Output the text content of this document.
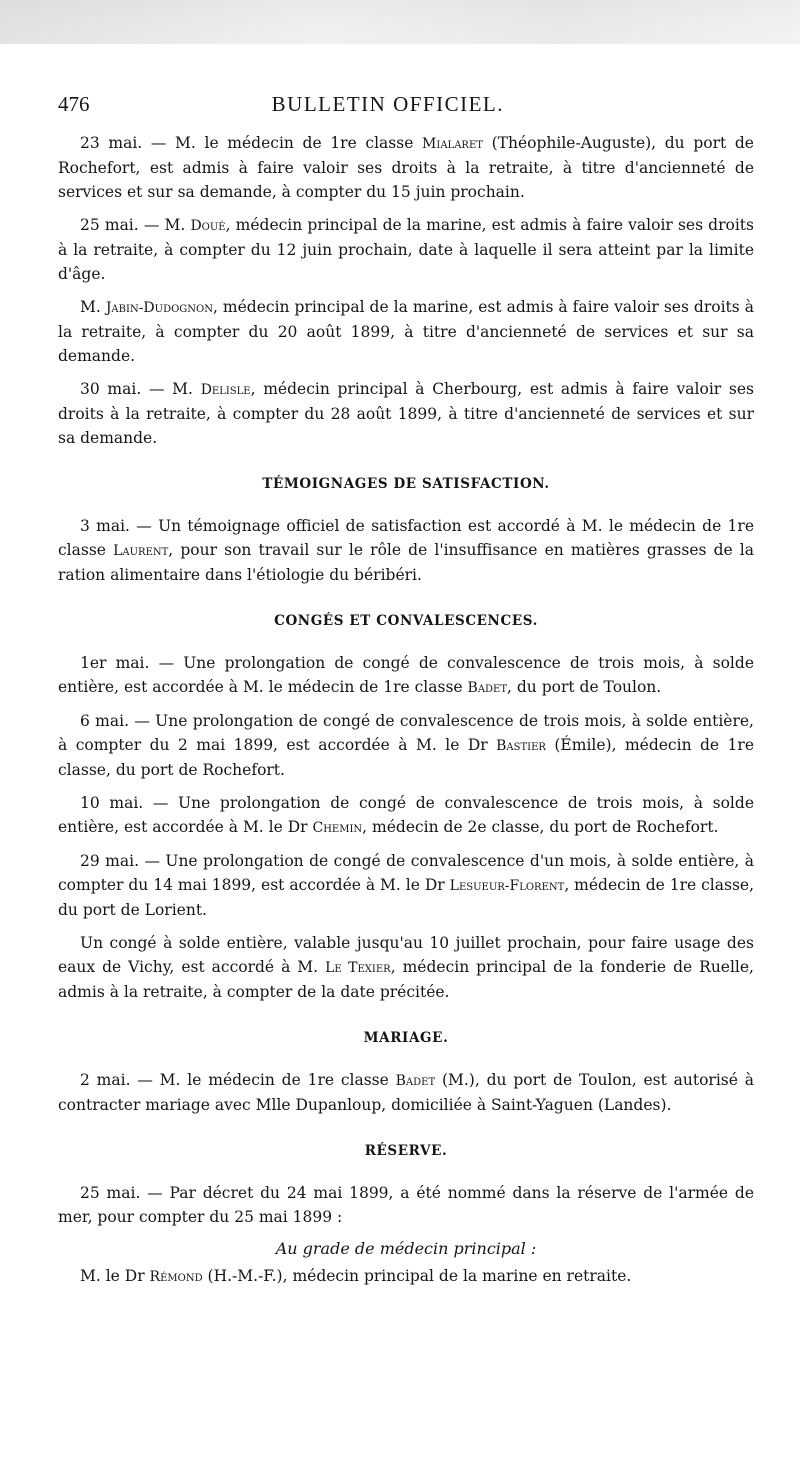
476	BULLETIN OFFICIEL.

23 mai. — M. le médecin de 1re classe Mialaret (Théophile-Auguste), du port de Rochefort, est admis à faire valoir ses droits à la retraite, à titre d'ancienneté de services et sur sa demande, à compter du 15 juin prochain.

25 mai. — M. Doué, médecin principal de la marine, est admis à faire valoir ses droits à la retraite, à compter du 12 juin prochain, date à laquelle il sera atteint par la limite d'âge.

M. Jabin-Dudognon, médecin principal de la marine, est admis à faire valoir ses droits à la retraite, à compter du 20 août 1899, à titre d'ancienneté de services et sur sa demande.

30 mai. — M. Delisle, médecin principal à Cherbourg, est admis à faire valoir ses droits à la retraite, à compter du 28 août 1899, à titre d'ancienneté de services et sur sa demande.

TÉMOIGNAGES DE SATISFACTION.

3 mai. — Un témoignage officiel de satisfaction est accordé à M. le médecin de 1re classe Laurent, pour son travail sur le rôle de l'insuffisance en matières grasses de la ration alimentaire dans l'étiologie du béribéri.

CONGÉS ET CONVALESCENCES.

1er mai. — Une prolongation de congé de convalescence de trois mois, à solde entière, est accordée à M. le médecin de 1re classe Badet, du port de Toulon.

6 mai. — Une prolongation de congé de convalescence de trois mois, à solde entière, à compter du 2 mai 1899, est accordée à M. le Dr Bastier (Émile), médecin de 1re classe, du port de Rochefort.

10 mai. — Une prolongation de congé de convalescence de trois mois, à solde entière, est accordée à M. le Dr Chemin, médecin de 2e classe, du port de Rochefort.

29 mai. — Une prolongation de congé de convalescence d'un mois, à solde entière, à compter du 14 mai 1899, est accordée à M. le Dr Lesueur-Florent, médecin de 1re classe, du port de Lorient.

Un congé à solde entière, valable jusqu'au 10 juillet prochain, pour faire usage des eaux de Vichy, est accordé à M. Le Texier, médecin principal de la fonderie de Ruelle, admis à la retraite, à compter de la date précitée.

MARIAGE.

2 mai. — M. le médecin de 1re classe Badet (M.), du port de Toulon, est autorisé à contracter mariage avec Mlle Dupanloup, domiciliée à Saint-Yaguen (Landes).

RÉSERVE.

25 mai. — Par décret du 24 mai 1899, a été nommé dans la réserve de l'armée de mer, pour compter du 25 mai 1899 :

Au grade de médecin principal :

M. le Dr Rémond (H.-M.-F.), médecin principal de la marine en retraite.
